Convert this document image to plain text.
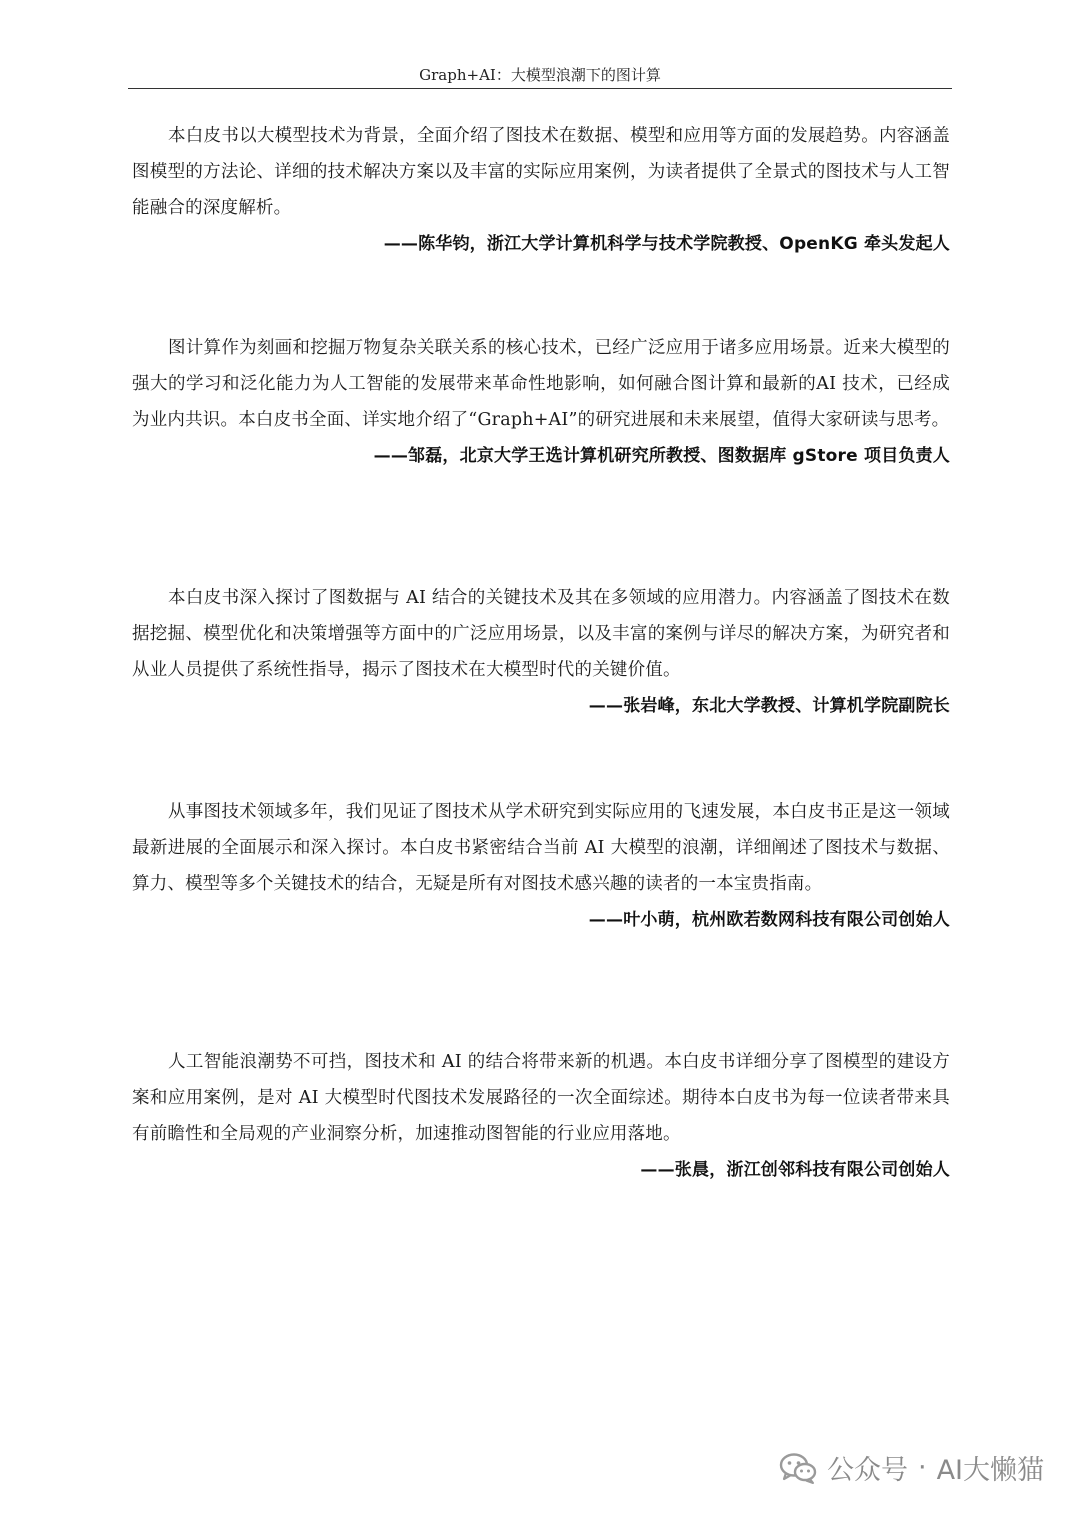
Graph+AI：大模型浪潮下的图计算

本白皮书以大模型技术为背景，全面介绍了图技术在数据、模型和应用等方面的发展趋势。内容涵盖图模型的方法论、详细的技术解决方案以及丰富的实际应用案例，为读者提供了全景式的图技术与人工智能融合的深度解析。

——陈华钧，浙江大学计算机科学与技术学院教授、OpenKG 牵头发起人

图计算作为刻画和挖掘万物复杂关联关系的核心技术，已经广泛应用于诸多应用场景。近来大模型的强大的学习和泛化能力为人工智能的发展带来革命性地影响，如何融合图计算和最新的AI 技术，已经成为业内共识。本白皮书全面、详实地介绍了“Graph+AI”的研究进展和未来展望，值得大家研读与思考。

——邹磊，北京大学王选计算机研究所教授、图数据库 gStore 项目负责人

本白皮书深入探讨了图数据与 AI 结合的关键技术及其在多领域的应用潜力。内容涵盖了图技术在数据挖掘、模型优化和决策增强等方面中的广泛应用场景，以及丰富的案例与详尽的解决方案，为研究者和从业人员提供了系统性指导，揭示了图技术在大模型时代的关键价值。

——张岩峰，东北大学教授、计算机学院副院长

从事图技术领域多年，我们见证了图技术从学术研究到实际应用的飞速发展，本白皮书正是这一领域最新进展的全面展示和深入探讨。本白皮书紧密结合当前 AI 大模型的浪潮，详细阐述了图技术与数据、算力、模型等多个关键技术的结合，无疑是所有对图技术感兴趣的读者的一本宝贵指南。

——叶小萌，杭州欧若数网科技有限公司创始人

人工智能浪潮势不可挡，图技术和 AI 的结合将带来新的机遇。本白皮书详细分享了图模型的建设方案和应用案例，是对 AI 大模型时代图技术发展路径的一次全面综述。期待本白皮书为每一位读者带来具有前瞻性和全局观的产业洞察分析，加速推动图智能的行业应用落地。

——张晨，浙江创邻科技有限公司创始人
公众号 · AI大懒猫
